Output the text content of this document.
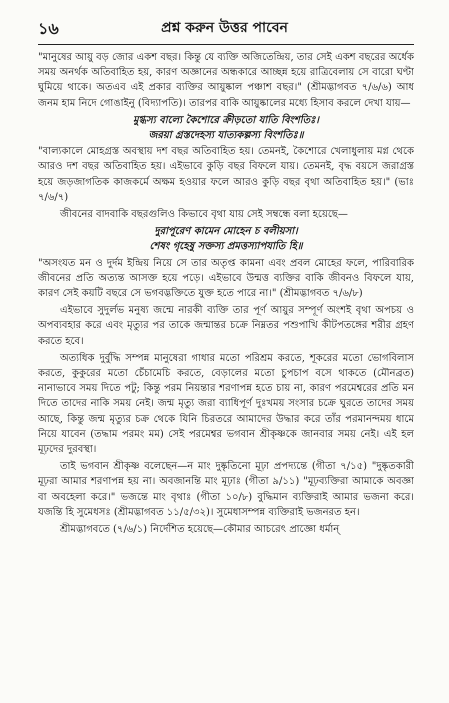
১৬	প্রশ্ন করুন উত্তর পাবেন

"মানুষের আয়ু বড় জোর একশ বছর। কিন্তু যে ব্যক্তি অজিতেন্দ্রিয়, তার সেই একশ বছরের অর্ধেক সময় অনর্থক অতিবাহিত হয়, কারণ অজ্ঞানের অন্ধকারে আচ্ছন্ন হয়ে রাত্রিবেলায় সে বারো ঘণ্টা ঘুমিয়ে থাকে। অতএব এই প্রকার ব্যক্তির আয়ুষ্কাল পঞ্চাশ বছর।" (শ্রীমদ্ভাগবত ৭/৬/৬) আধ জনম হাম নিদে গোঙাইনু (বিদ্যাপতি)। তারপর বাকি আয়ুষ্কালের মধ্যে হিসাব করলে দেখা যায়—

মুগ্ধস্য বাল্যে কৈশোরে ক্রীড়তো যাতি বিংশতিঃ।
জরয়া গ্রস্তদেহস্য যাত্যকল্পস্য বিংশতিঃ॥

"বাল্যকালে মোহগ্রস্ত অবস্থায় দশ বছর অতিবাহিত হয়। তেমনই, কৈশোরে খেলাধুলায় মগ্ন থেকে আরও দশ বছর অতিবাহিত হয়। এইভাবে কুড়ি বছর বিফলে যায়। তেমনই, বৃদ্ধ বয়সে জরাগ্রস্ত হয়ে জড়জাগতিক কাজকর্মে অক্ষম হওয়ার ফলে আরও কুড়ি বছর বৃথা অতিবাহিত হয়।" (ভাঃ ৭/৬/৭)

জীবনের বাদবাকি বছরগুলিও কিভাবে বৃথা যায় সেই সম্বন্ধে বলা হয়েছে—

দুরাপূরেণ কামেন মোহেন চ বলীয়সা।
শেষং গৃহেষু সক্তস্য প্রমত্তস্যাপযাতি হি॥

"অসংযত মন ও দুর্দম ইন্দ্রিয় নিয়ে সে তার অতৃপ্ত কামনা এবং প্রবল মোহের ফলে, পারিবারিক জীবনের প্রতি অত্যন্ত আসক্ত হয়ে পড়ে। এইভাবে উন্মত্ত ব্যক্তির বাকি জীবনও বিফলে যায়, কারণ সেই কয়টি বছরে সে ভগবদ্ভক্তিতে যুক্ত হতে পারে না।" (শ্রীমদ্ভাগবত ৭/৬/৮)

এইভাবে সুদুর্লভ মনুষ্য জন্মে নারকী ব্যক্তি তার পূর্ণ আয়ুর সম্পূর্ণ অংশই বৃথা অপচয় ও অপব্যবহার করে এবং মৃত্যুর পর তাকে জন্মান্তর চক্রে নিম্নতর পশুপাখি কীটপতঙ্গের শরীর গ্রহণ করতে হবে।

অত্যধিক দুর্বুদ্ধি সম্পন্ন মানুষেরা গাধার মতো পরিশ্রম করতে, শূকরের মতো ভোগবিলাস করতে, কুকুরের মতো চেঁচামেচি করতে, বেড়ালের মতো চুপচাপ বসে থাকতে (মৌনব্রত) নানাভাবে সময় দিতে পটু; কিন্তু পরম নিয়ন্তার শরণাপন্ন হতে চায় না, কারণ পরমেশ্বরের প্রতি মন দিতে তাদের নাকি সময় নেই। জন্ম মৃত্যু জরা ব্যাধিপূর্ণ দুঃখময় সংসার চক্রে ঘুরতে তাদের সময় আছে, কিন্তু জন্ম মৃত্যুর চক্র থেকে যিনি চিরতরে আমাদের উদ্ধার করে তাঁর পরমানন্দময় ধামে নিয়ে যাবেন (তদ্ধাম পরমং মম) সেই পরমেশ্বর ভগবান শ্রীকৃষ্ণকে জানবার সময় নেই। এই হল মূঢ়দের দুরবস্থা।

তাই ভগবান শ্রীকৃষ্ণ বলেছেন—ন মাং দুষ্কৃতিনো মূঢ়া প্রপদ্যন্তে (গীতা ৭/১৫) "দুষ্কৃতকারী মূঢ়রা আমার শরণাপন্ন হয় না। অবজানন্তি মাং মূঢ়াঃ (গীতা ৯/১১) "মূঢ়ব্যক্তিরা আমাকে অবজ্ঞা বা অবহেলা করে।" ভজন্তে মাং বৃথাঃ (গীতা ১০/৮) বুদ্ধিমান ব্যক্তিরাই আমার ভজনা করে। যজন্তি হি সুমেধসঃ (শ্রীমদ্ভাগবত ১১/৫/৩২)। সুমেধাসম্পন্ন ব্যক্তিরাই ভজনরত হন।

শ্রীমদ্ভাগবতে (৭/৬/১) নির্দেশিত হয়েছে—কৌমার আচরেৎ প্রাজ্ঞো ধর্মান্
